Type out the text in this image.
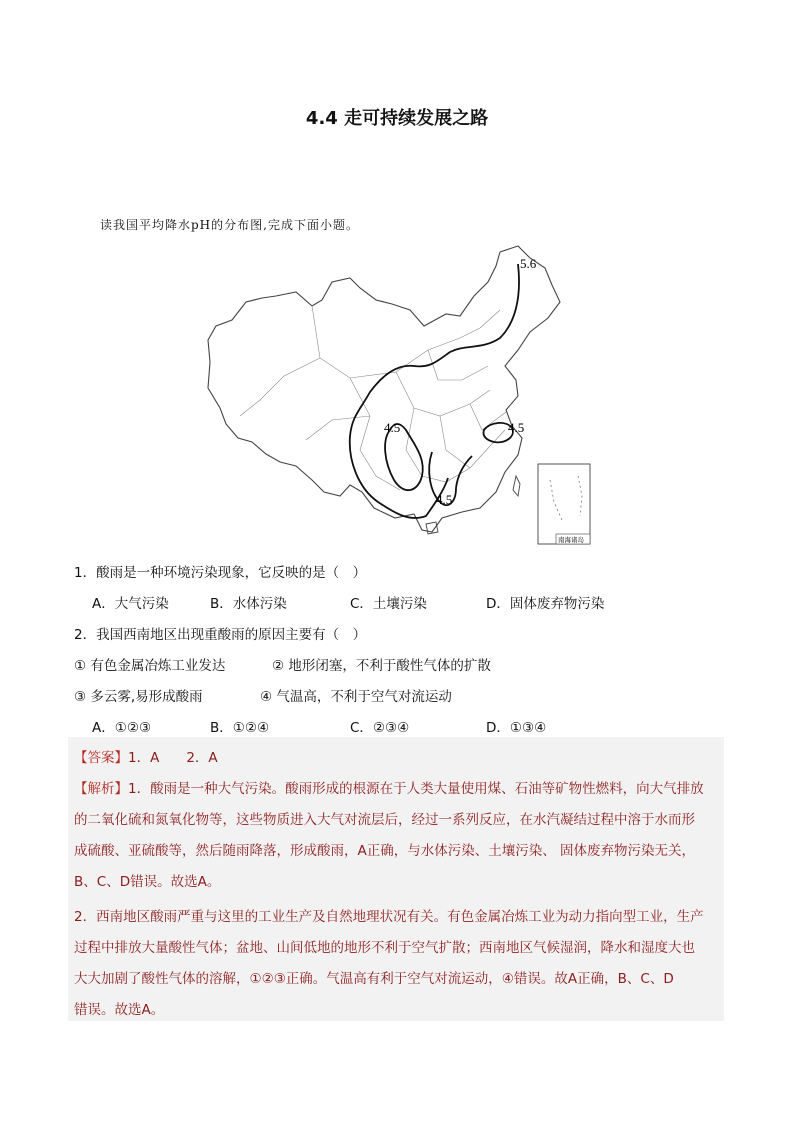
4.4 走可持续发展之路
读我国平均降水pH的分布图,完成下面小题。
5.6
4.5
4.5
4.5
南海诸岛
1．酸雨是一种环境污染现象，它反映的是（　）
A．大气污染	B．水体污染	C．土壤污染	D．固体废弃物污染
2．我国西南地区出现重酸雨的原因主要有（　）
① 有色金属冶炼工业发达	② 地形闭塞，不利于酸性气体的扩散
③ 多云雾,易形成酸雨	④ 气温高，不利于空气对流运动
A．①②③	B．①②④	C．②③④	D．①③④
【答案】1．A　　2．A
【解析】1．酸雨是一种大气污染。酸雨形成的根源在于人类大量使用煤、石油等矿物性燃料，向大气排放
的二氧化硫和氮氧化物等，这些物质进入大气对流层后，经过一系列反应，在水汽凝结过程中溶于水而形
成硫酸、亚硫酸等，然后随雨降落，形成酸雨，A正确，与水体污染、土壤污染、 固体废弃物污染无关，
B、C、D错误。故选A。
2．西南地区酸雨严重与这里的工业生产及自然地理状况有关。有色金属冶炼工业为动力指向型工业，生产
过程中排放大量酸性气体；盆地、山间低地的地形不利于空气扩散；西南地区气候湿润，降水和湿度大也
大大加剧了酸性气体的溶解，①②③正确。气温高有利于空气对流运动，④错误。故A正确，B、C、D
错误。故选A。
